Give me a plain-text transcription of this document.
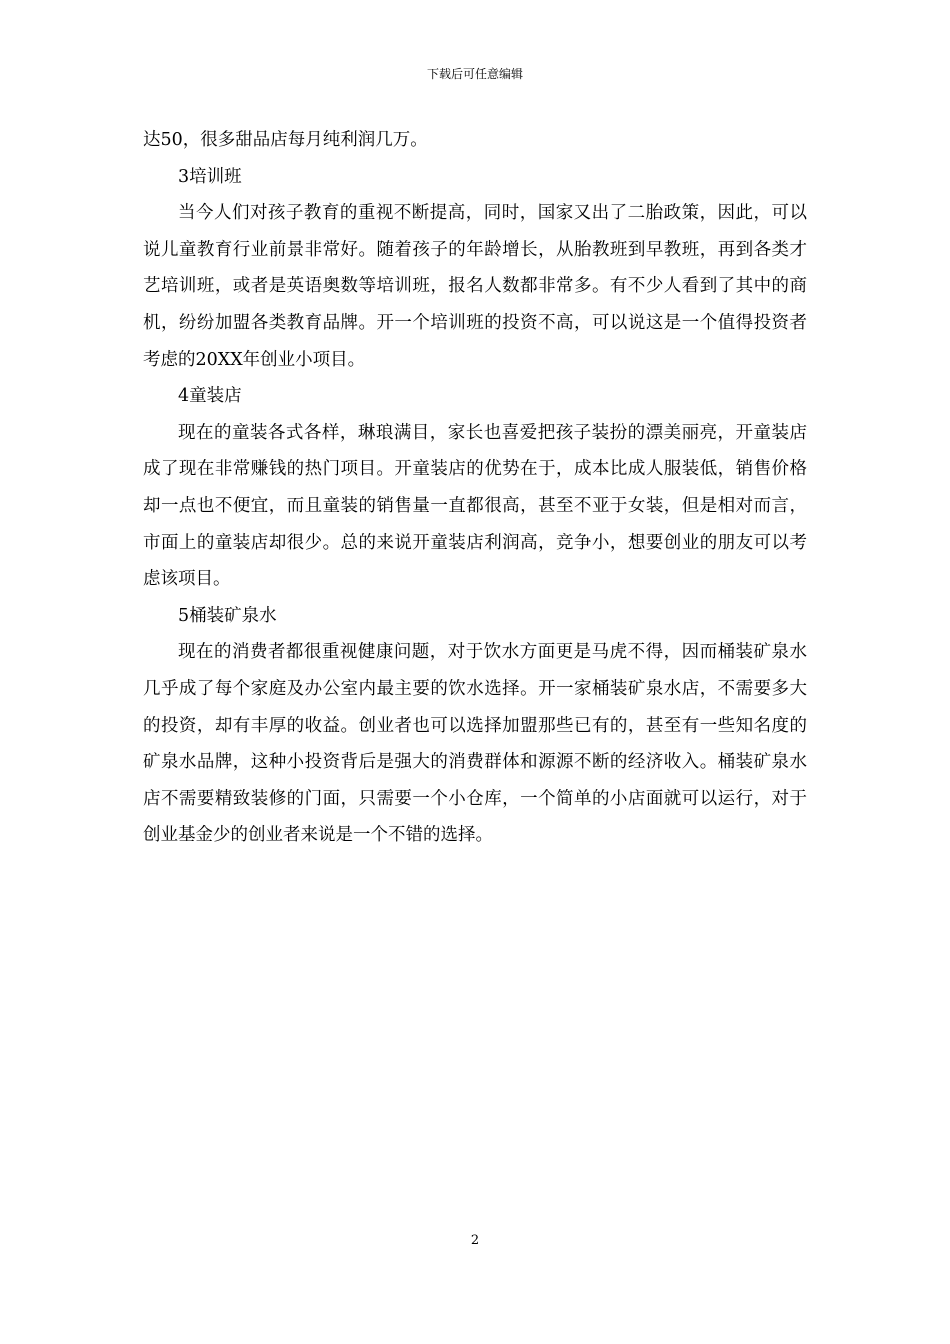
下载后可任意编辑

达50，很多甜品店每月纯利润几万。

3培训班

当今人们对孩子教育的重视不断提高，同时，国家又出了二胎政策，因此，可以说儿童教育行业前景非常好。随着孩子的年龄增长，从胎教班到早教班，再到各类才艺培训班，或者是英语奥数等培训班，报名人数都非常多。有不少人看到了其中的商机，纷纷加盟各类教育品牌。开一个培训班的投资不高，可以说这是一个值得投资者考虑的20XX年创业小项目。

4童装店

现在的童装各式各样，琳琅满目，家长也喜爱把孩子装扮的漂美丽亮，开童装店成了现在非常赚钱的热门项目。开童装店的优势在于，成本比成人服装低，销售价格却一点也不便宜，而且童装的销售量一直都很高，甚至不亚于女装，但是相对而言，市面上的童装店却很少。总的来说开童装店利润高，竞争小，想要创业的朋友可以考虑该项目。

5桶装矿泉水

现在的消费者都很重视健康问题，对于饮水方面更是马虎不得，因而桶装矿泉水几乎成了每个家庭及办公室内最主要的饮水选择。开一家桶装矿泉水店，不需要多大的投资，却有丰厚的收益。创业者也可以选择加盟那些已有的，甚至有一些知名度的矿泉水品牌，这种小投资背后是强大的消费群体和源源不断的经济收入。桶装矿泉水店不需要精致装修的门面，只需要一个小仓库，一个简单的小店面就可以运行，对于创业基金少的创业者来说是一个不错的选择。

2
